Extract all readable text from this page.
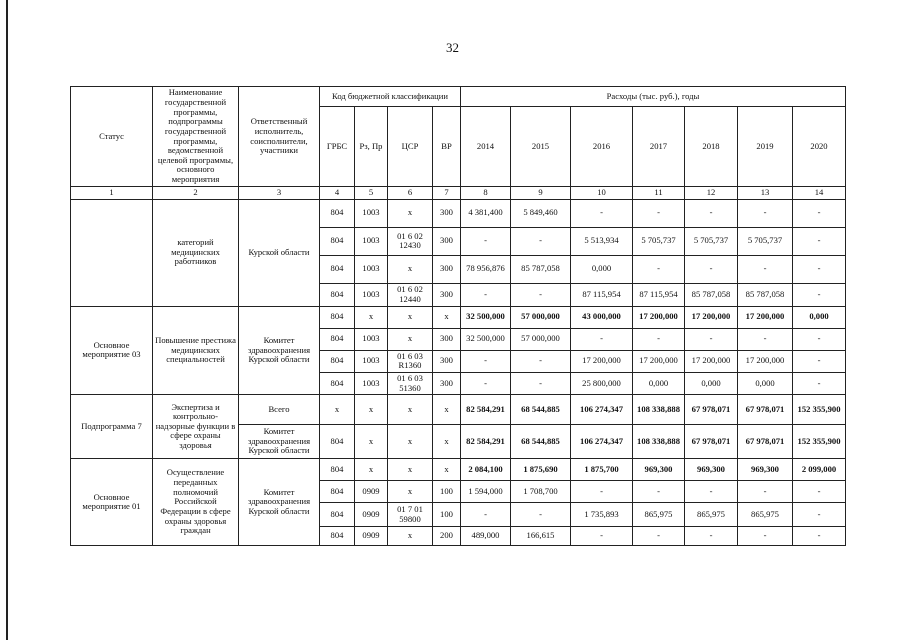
32
Статус	Наименование государственной программы, подпрограммы государственной программы, ведомственной целевой программы, основного мероприятия	Ответственный исполнитель, соисполнители, участники	Код бюджетной классификации				Расходы (тыс. руб.), годы						
			ГРБС	Рз, Пр	ЦСР	ВР	2014	2015	2016	2017	2018	2019	2020
1	2	3	4	5	6	7	8	9	10	11	12	13	14
	категорий медицинских работников	Курской области	804	1003	х	300	4 381,400	5 849,460	-	-	-	-	-
			804	1003	01 6 02 12430	300	-	-	5 513,934	5 705,737	5 705,737	5 705,737	-
			804	1003	х	300	78 956,876	85 787,058	0,000	-	-	-	-
			804	1003	01 6 02 12440	300	-	-	87 115,954	87 115,954	85 787,058	85 787,058	-
Основное мероприятие 03	Повышение престижа медицинских специальностей	Комитет здравоохранения Курской области	804	х	х	х	32 500,000	57 000,000	43 000,000	17 200,000	17 200,000	17 200,000	0,000
			804	1003	х	300	32 500,000	57 000,000	-	-	-	-	-
			804	1003	01 6 03 R1360	300	-	-	17 200,000	17 200,000	17 200,000	17 200,000	-
			804	1003	01 6 03 51360	300	-	-	25 800,000	0,000	0,000	0,000	-
Подпрограмма 7	Экспертиза и контрольно-надзорные функции в сфере охраны здоровья	Всего	х	х	х	х	82 584,291	68 544,885	106 274,347	108 338,888	67 978,071	67 978,071	152 355,900
		Комитет здравоохранения Курской области	804	х	х	х	82 584,291	68 544,885	106 274,347	108 338,888	67 978,071	67 978,071	152 355,900
Основное мероприятие 01	Осуществление переданных полномочий Российской Федерации в сфере охраны здоровья граждан	Комитет здравоохранения Курской области	804	х	х	х	2 084,100	1 875,690	1 875,700	969,300	969,300	969,300	2 099,000
			804	0909	х	100	1 594,000	1 708,700	-	-	-	-	-
			804	0909	01 7 01 59800	100	-	-	1 735,893	865,975	865,975	865,975	-
			804	0909	х	200	489,000	166,615	-	-	-	-	-
